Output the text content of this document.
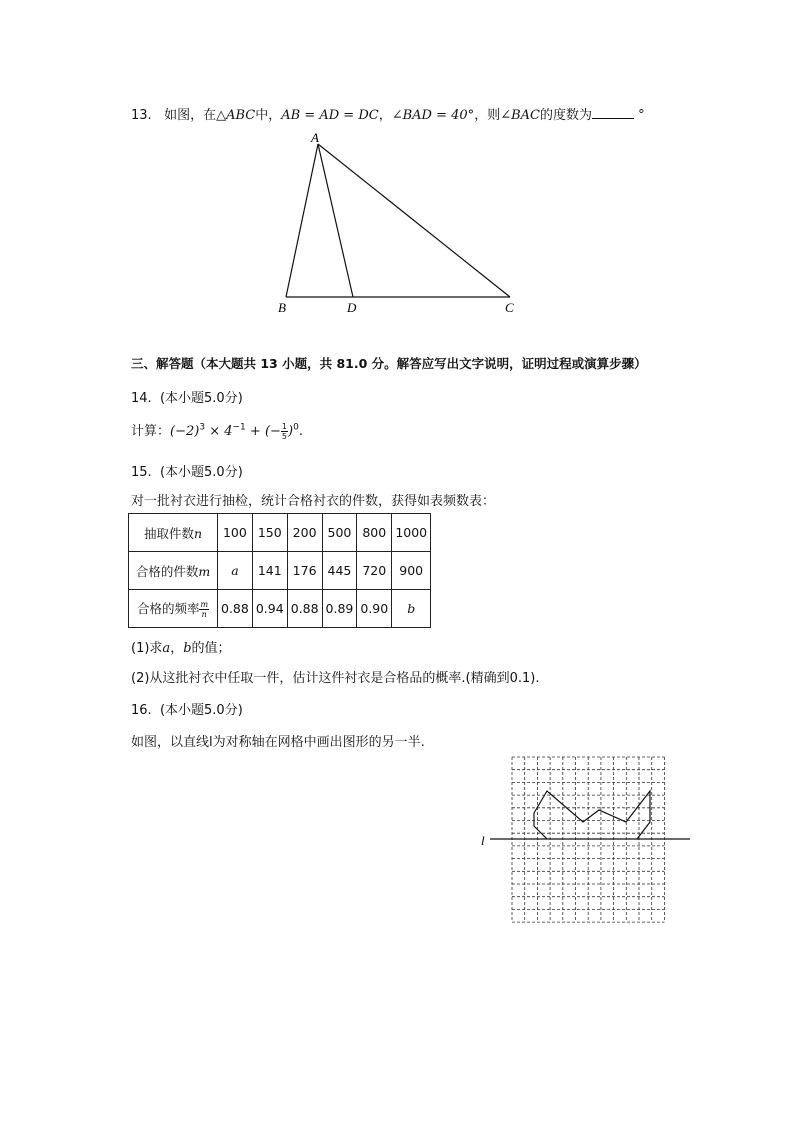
13. 如图，在△ABC中，AB = AD = DC，∠BAD = 40°，则∠BAC的度数为	°
A
B	D	C
三、解答题（本大题共 13 小题，共 81.0 分。解答应写出文字说明，证明过程或演算步骤）
14. (本小题5.0分)
计算：$(-2)^3 \times 4^{-1}$ + (− $\frac{1}{5} )^0$.
15. (本小题5.0分)
对一批衬衣进行抽检，统计合格衬衣的件数，获得如表频数表：
抽取件数n	100	150	200	500	800	1000
合格的件数m	a	141	176	445	720	900
合格的频率 $\frac{m}{n}$	0.88	0.94	0.88	0.89	0.90	b
(1)求a，b的值；
(2)从这批衬衣中任取一件，估计这件衬衣是合格品的概率.(精确到0.1).
16. (本小题5.0分)
如图，以直线l为对称轴在网格中画出图形的另一半.
l
